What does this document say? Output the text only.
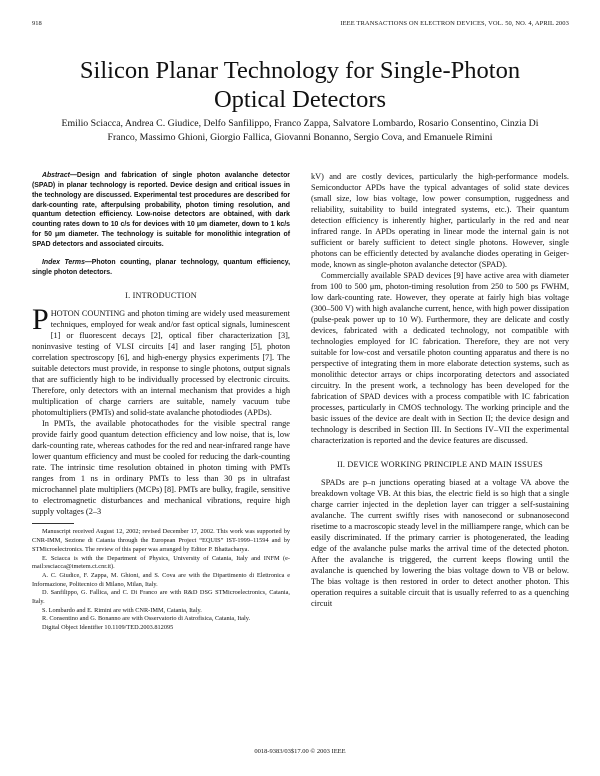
918	IEEE TRANSACTIONS ON ELECTRON DEVICES, VOL. 50, NO. 4, APRIL 2003
Silicon Planar Technology for Single-Photon
Optical Detectors
Emilio Sciacca, Andrea C. Giudice, Delfo Sanfilippo, Franco Zappa, Salvatore Lombardo, Rosario Consentino, Cinzia Di Franco, Massimo Ghioni, Giorgio Fallica, Giovanni Bonanno, Sergio Cova, and Emanuele Rimini

Abstract—Design and fabrication of single photon avalanche detector (SPAD) in planar technology is reported. Device design and critical issues in the technology are discussed. Experimental test procedures are described for dark-counting rate, afterpulsing probability, photon timing resolution, and quantum detection efficiency. Low-noise detectors are obtained, with dark counting rates down to 10 c/s for devices with 10 μm diameter, down to 1 kc/s for 50 μm diameter. The technology is suitable for monolithic integration of SPAD detectors and associated circuits.

Index Terms—Photon counting, planar technology, quantum efficiency, single photon detectors.

I. INTRODUCTION

PHOTON COUNTING and photon timing are widely used measurement techniques, employed for weak and/or fast optical signals, luminescent [1] or fluorescent decays [2], optical fiber characterization [3], noninvasive testing of VLSI circuits [4] and laser ranging [5], photon correlation spectroscopy [6], and high-energy physics experiments [7]. The suitable detectors must provide, in response to single photons, output signals that are sufficiently high to be individually processed by electronic circuits. Therefore, only detectors with an internal mechanism that provides a high multiplication of charge carriers are suitable, namely vacuum tube photomultipliers (PMTs) and solid-state avalanche photodiodes (APDs).

In PMTs, the available photocathodes for the visible spectral range provide fairly good quantum detection efficiency and low noise, that is, low dark-counting rate, whereas cathodes for the red and near-infrared range have lower quantum efficiency and must be cooled for reducing the dark-counting rate. The intrinsic time resolution obtained in photon timing with PMTs ranges from 1 ns in ordinary PMTs to less than 30 ps in ultrafast microchannel plate multipliers (MCPs) [8]. PMTs are bulky, fragile, sensitive to electromagnetic disturbances and mechanical vibrations, require high supply voltages (2–3

Manuscript received August 12, 2002; revised December 17, 2002. This work was supported by CNR-IMM, Sezione di Catania through the European Project “EQUIS” IST-1999–11594 and by STMicroelectronics. The review of this paper was arranged by Editor P. Bhattacharya.

E. Sciacca is with the Department of Physics, University of Catania, Italy and INFM (e-mail:esciacca@imetem.ct.cnr.it).

A. C. Giudice, F. Zappa, M. Ghioni, and S. Cova are with the Dipartimento di Elettronica e Informazione, Politecnico di Milano, Milan, Italy.

D. Sanfilippo, G. Fallica, and C. Di Franco are with R&D DSG STMicroelectronics, Catania, Italy.

S. Lombardo and E. Rimini are with CNR-IMM, Catania, Italy.

R. Consentino and G. Bonanno are with Osservatorio di Astrofisica, Catania, Italy.

Digital Object Identifier 10.1109/TED.2003.812095

kV) and are costly devices, particularly the high-performance models. Semiconductor APDs have the typical advantages of solid state devices (small size, low bias voltage, low power consumption, ruggedness and reliability, suitability to build integrated systems, etc.). Their quantum detection efficiency is inherently higher, particularly in the red and near infrared range. In APDs operating in linear mode the internal gain is not sufficient or barely sufficient to detect single photons. However, single photons can be efficiently detected by avalanche diodes operating in Geiger-mode, known as single-photon avalanche detector (SPAD).

Commercially available SPAD devices [9] have active area with diameter from 100 to 500 μm, photon-timing resolution from 250 to 500 ps FWHM, low dark-counting rate. However, they operate at fairly high bias voltage (300–500 V) with high avalanche current, hence, with high power dissipation (pulse-peak power up to 10 W). Furthermore, they are delicate and costly devices, fabricated with a dedicated technology, not compatible with technologies employed for IC fabrication. Therefore, they are not very suitable for low-cost and versatile photon counting apparatus and there is no perspective of integrating them in more elaborate detection systems, such as monolithic detector arrays or chips incorporating detectors and associated circuitry. In the present work, a technology has been developed for the fabrication of SPAD devices with a process compatible with IC fabrication processes, particularly in CMOS technology. The working principle and the basic issues of the device are dealt with in Section II; the device design and technology is described in Section III. In Sections IV–VII the experimental characterization is reported and the device features are discussed.

II. DEVICE WORKING PRINCIPLE AND MAIN ISSUES

SPADs are p–n junctions operating biased at a voltage VA above the breakdown voltage VB. At this bias, the electric field is so high that a single charge carrier injected in the depletion layer can trigger a self-sustaining avalanche. The current swiftly rises with nanosecond or subnanosecond risetime to a macroscopic steady level in the milliampere range, which can be easily discriminated. If the primary carrier is photogenerated, the leading edge of the avalanche pulse marks the arrival time of the detected photon. After the avalanche is triggered, the current keeps flowing until the avalanche is quenched by lowering the bias voltage down to VB or below. The bias voltage is then restored in order to detect another photon. This operation requires a suitable circuit that is usually referred to as a quenching circuit

0018-9383/03$17.00 © 2003 IEEE
